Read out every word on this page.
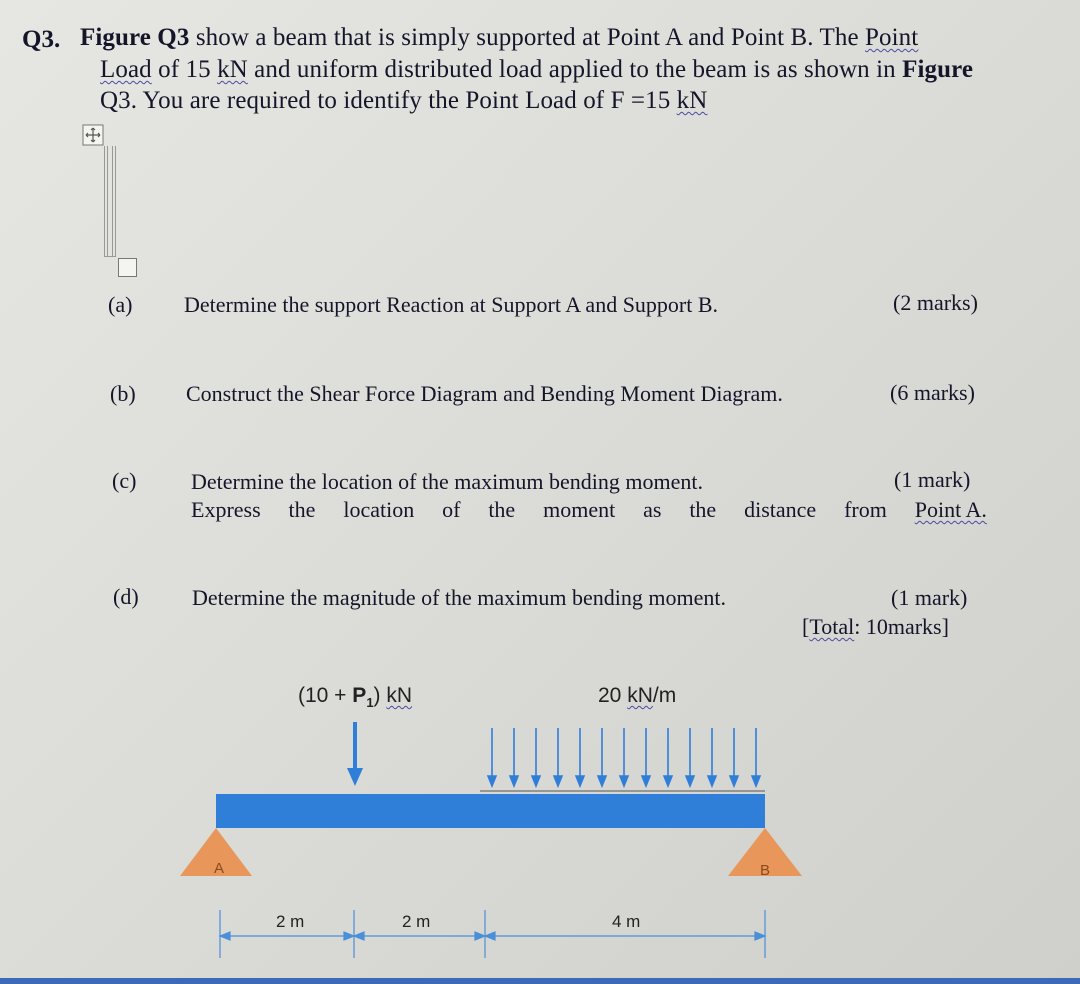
Q3. Figure Q3 show a beam that is simply supported at Point A and Point B. The Point
Load of 15 kN and uniform distributed load applied to the beam is as shown in Figure
Q3. You are required to identify the Point Load of F =15 kN
(a) Determine the support Reaction at Support A and Support B.	(2 marks)
(b) Construct the Shear Force Diagram and Bending Moment Diagram.	(6 marks)
(c) Determine the location of the maximum bending moment.	(1 mark)
Express the location of the moment as the distance from Point A.
(d) Determine the magnitude of the maximum bending moment.	(1 mark)
[Total: 10marks]
$(10 + P_1)$ kN	20 kN/m
A	B
2 m	2 m	4 m
